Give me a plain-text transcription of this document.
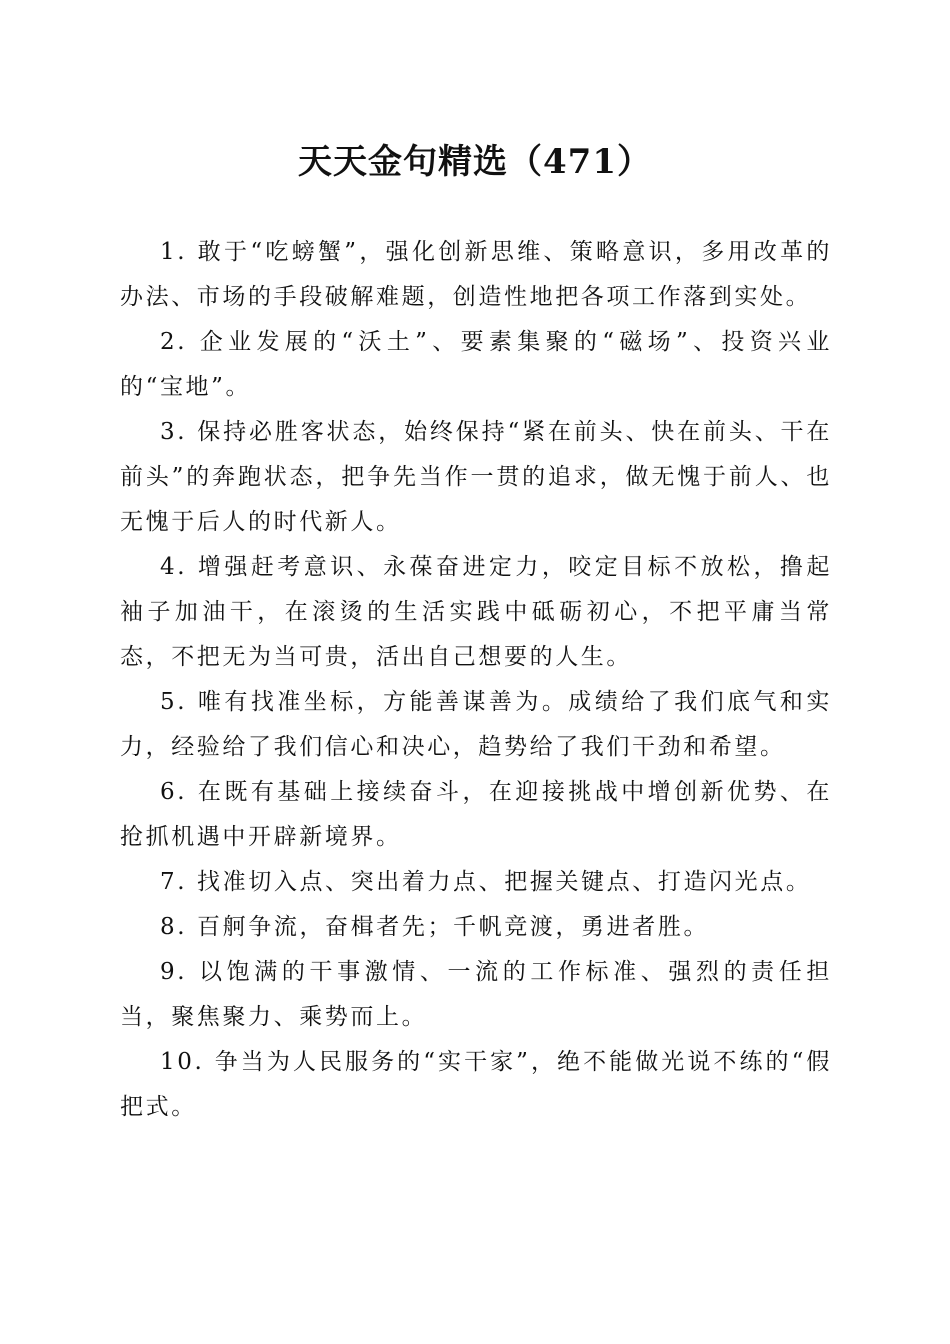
天天金句精选（471）

1. 敢于“吃螃蟹”，强化创新思维、策略意识，多用改革的办法、市场的手段破解难题，创造性地把各项工作落到实处。

2. 企业发展的“沃土”、要素集聚的“磁场”、投资兴业的“宝地”。

3. 保持必胜客状态，始终保持“紧在前头、快在前头、干在前头”的奔跑状态，把争先当作一贯的追求，做无愧于前人、也无愧于后人的时代新人。

4. 增强赶考意识、永葆奋进定力，咬定目标不放松，撸起袖子加油干，在滚烫的生活实践中砥砺初心，不把平庸当常态，不把无为当可贵，活出自己想要的人生。

5. 唯有找准坐标，方能善谋善为。成绩给了我们底气和实力，经验给了我们信心和决心，趋势给了我们干劲和希望。

6. 在既有基础上接续奋斗，在迎接挑战中增创新优势、在抢抓机遇中开辟新境界。

7. 找准切入点、突出着力点、把握关键点、打造闪光点。

8. 百舸争流，奋楫者先；千帆竞渡，勇进者胜。

9. 以饱满的干事激情、一流的工作标准、强烈的责任担当，聚焦聚力、乘势而上。

10. 争当为人民服务的“实干家”，绝不能做光说不练的“假把式。
